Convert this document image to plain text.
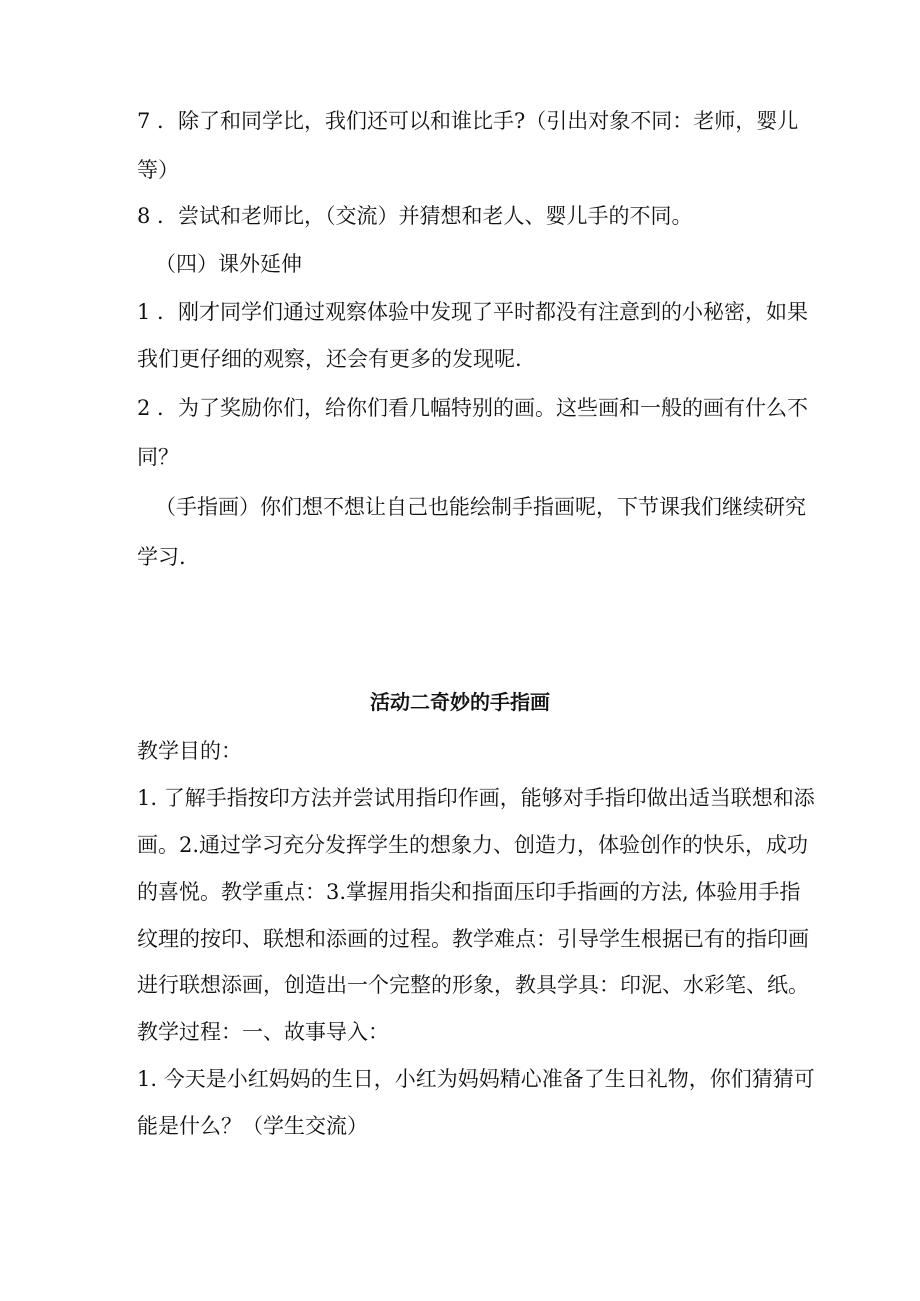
7 ．除了和同学比，我们还可以和谁比手?（引出对象不同：老师，婴儿
等）
8 ．尝试和老师比，（交流）并猜想和老人、婴儿手的不同。
（四）课外延伸
1 ．刚才同学们通过观察体验中发现了平时都没有注意到的小秘密，如果
我们更仔细的观察，还会有更多的发现呢.
2 ．为了奖励你们，给你们看几幅特别的画。这些画和一般的画有什么不
同？
（手指画）你们想不想让自己也能绘制手指画呢，下节课我们继续研究
学习.
活动二奇妙的手指画
教学目的：
1. 了解手指按印方法并尝试用指印作画，能够对手指印做出适当联想和添
画。2.通过学习充分发挥学生的想象力、创造力，体验创作的快乐，成功
的喜悦。教学重点：3.掌握用指尖和指面压印手指画的方法, 体验用手指
纹理的按印、联想和添画的过程。教学难点：引导学生根据已有的指印画
进行联想添画，创造出一个完整的形象，教具学具：印泥、水彩笔、纸。
教学过程：一、故事导入：
1. 今天是小红妈妈的生日，小红为妈妈精心准备了生日礼物，你们猜猜可
能是什么？（学生交流）
